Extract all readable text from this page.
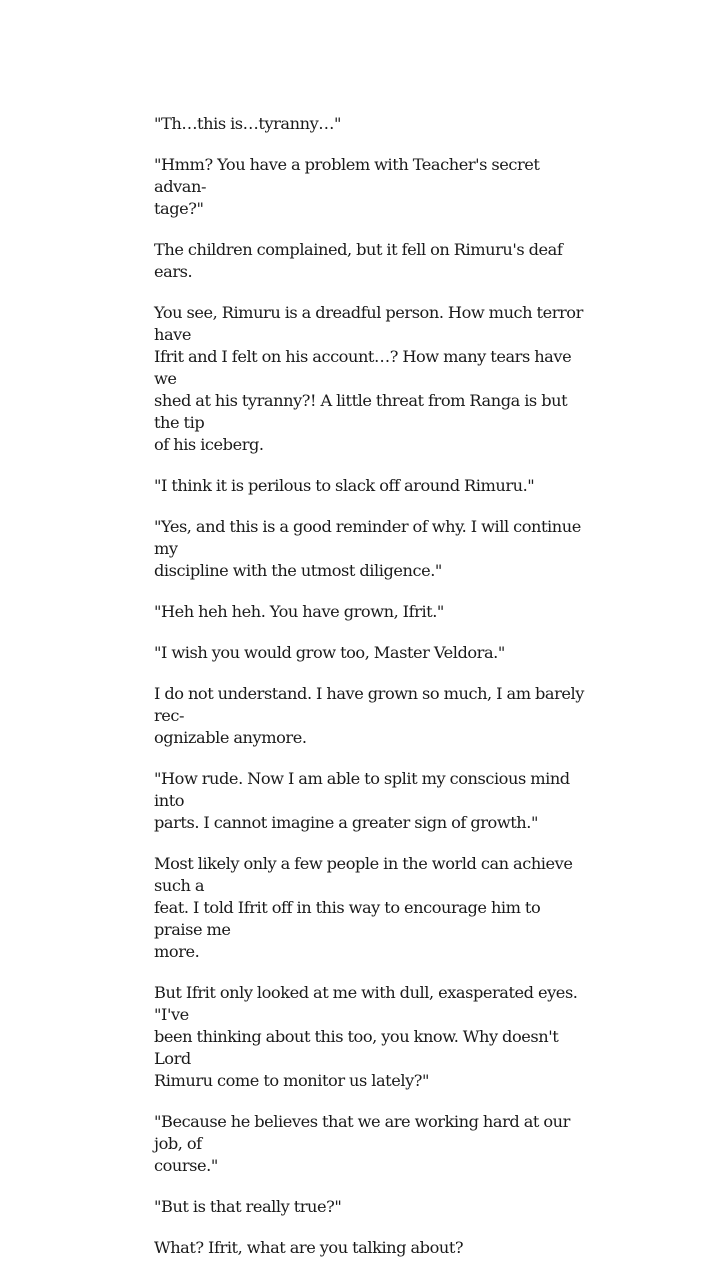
"Th…this is…tyranny…"

"Hmm? You have a problem with Teacher's secret advan-
tage?"

The children complained, but it fell on Rimuru's deaf ears.

You see, Rimuru is a dreadful person. How much terror have
Ifrit and I felt on his account…? How many tears have we
shed at his tyranny?! A little threat from Ranga is but the tip
of his iceberg.

"I think it is perilous to slack off around Rimuru."

"Yes, and this is a good reminder of why. I will continue my
discipline with the utmost diligence."

"Heh heh heh. You have grown, Ifrit."

"I wish you would grow too, Master Veldora."

I do not understand. I have grown so much, I am barely rec-
ognizable anymore.

"How rude. Now I am able to split my conscious mind into
parts. I cannot imagine a greater sign of growth."

Most likely only a few people in the world can achieve such a
feat. I told Ifrit off in this way to encourage him to praise me
more.

But Ifrit only looked at me with dull, exasperated eyes. "I've
been thinking about this too, you know. Why doesn't Lord
Rimuru come to monitor us lately?"

"Because he believes that we are working hard at our job, of
course."

"But is that really true?"

What? Ifrit, what are you talking about?
